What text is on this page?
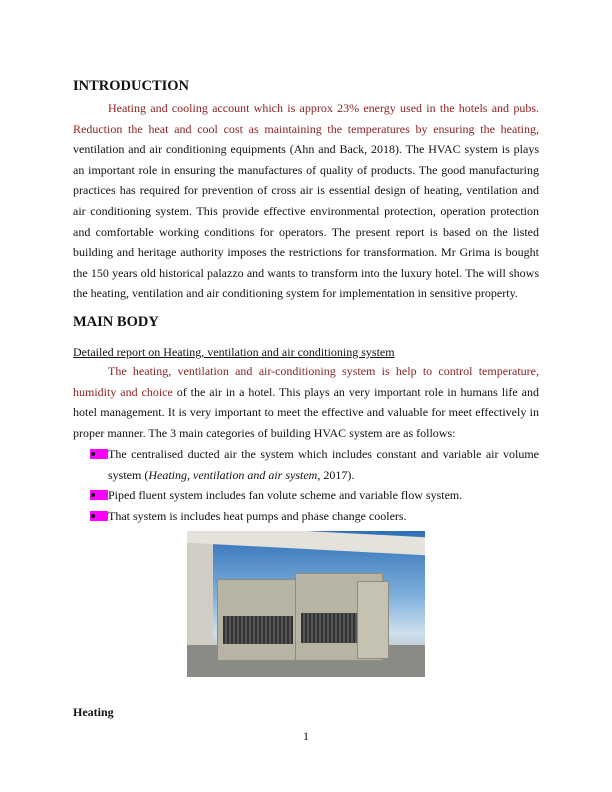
INTRODUCTION

Heating and cooling account which is approx 23% energy used in the hotels and pubs. Reduction the heat and cool cost as maintaining the temperatures by ensuring the heating, ventilation and air conditioning equipments (Ahn and Back, 2018). The HVAC system is plays an important role in ensuring the manufactures of quality of products. The good manufacturing practices has required for prevention of cross air is essential design of heating, ventilation and air conditioning system. This provide effective environmental protection, operation protection and comfortable working conditions for operators. The present report is based on the listed building and heritage authority imposes the restrictions for transformation. Mr Grima is bought the 150 years old historical palazzo and wants to transform into the luxury hotel. The will shows the heating, ventilation and air conditioning system for implementation in sensitive property.

MAIN BODY
Detailed report on Heating, ventilation and air conditioning system

The heating, ventilation and air-conditioning system is help to control temperature, humidity and choice of the air in a hotel. This plays an very important role in humans life and hotel management. It is very important to meet the effective and valuable for meet effectively in proper manner. The 3 main categories of building HVAC system are as follows:

The centralised ducted air the system which includes constant and variable air volume system (Heating, ventilation and air system, 2017).
Piped fluent system includes fan volute scheme and variable flow system.
That system is includes heat pumps and phase change coolers.
Heating
1
